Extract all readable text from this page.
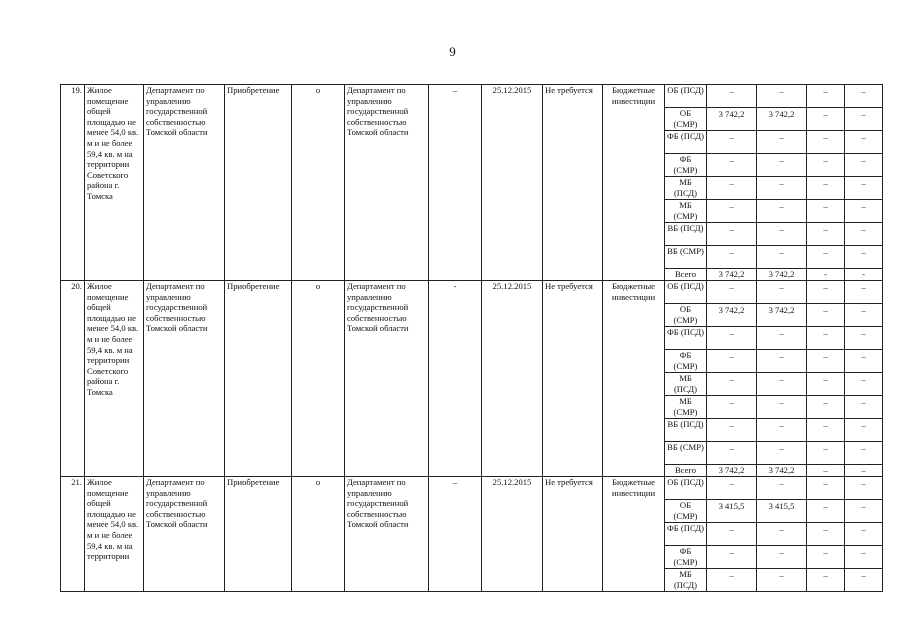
9
19.	Жилое помещение общей площадью не менее 54,0 кв. м и не более 59,4 кв. м на территории Советского района г. Томска	Департамент по управлению государственной собственностью Томской области	Приобретение	о	Департамент по управлению государственной собственностью Томской области	–	25.12.2015	Не требуется	Бюджетные инвестиции	ОБ (ПСД)	–	–	–	–
										ОБ (СМР)	3 742,2	3 742,2	–	–
										ФБ (ПСД)	–	–	–	–
										ФБ (СМР)	–	–	–	–
										МБ (ПСД)	–	–	–	–
										МБ (СМР)	–	–	–	–
										ВБ (ПСД)	–	–	–	–
										ВБ (СМР)	–	–	–	–
										Всего	3 742,2	3 742,2	-	-
20.	Жилое помещение общей площадью не менее 54,0 кв. м и не более 59,4 кв. м на территории Советского района г. Томска	Департамент по управлению государственной собственностью Томской области	Приобретение	о	Департамент по управлению государственной собственностью Томской области	-	25.12.2015	Не требуется	Бюджетные инвестиции	ОБ (ПСД)	–	–	–	–
										ОБ (СМР)	3 742,2	3 742,2	–	–
										ФБ (ПСД)	–	–	–	–
										ФБ (СМР)	–	–	–	–
										МБ (ПСД)	–	–	–	–
										МБ (СМР)	–	–	–	–
										ВБ (ПСД)	–	–	–	–
										ВБ (СМР)	–	–	–	–
										Всего	3 742,2	3 742,2	–	–
21.	Жилое помещение общей площадью не менее 54,0 кв. м и не более 59,4 кв. м на территории	Департамент по управлению государственной собственностью Томской области	Приобретение	о	Департамент по управлению государственной собственностью Томской области	–	25.12.2015	Не требуется	Бюджетные инвестиции	ОБ (ПСД)	–	–	–	–
										ОБ (СМР)	3 415,5	3 415,5	–	–
										ФБ (ПСД)	–	–	–	–
										ФБ (СМР)	–	–	–	–
										МБ (ПСД)	–	–	–	–
